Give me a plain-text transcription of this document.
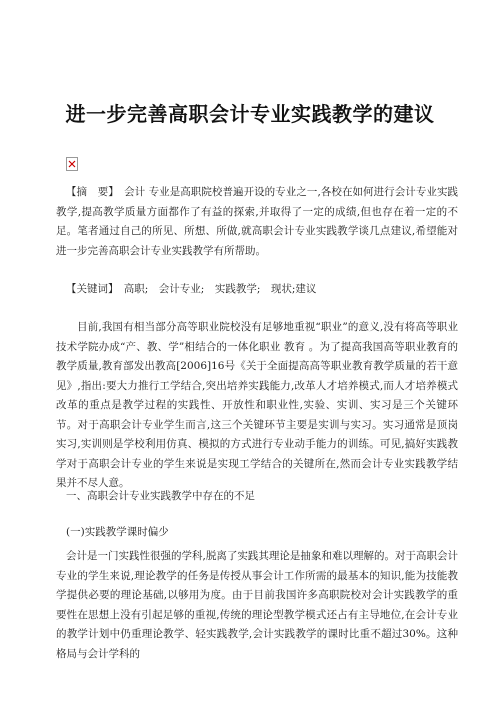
进一步完善高职会计专业实践教学的建议
【摘　要】　会计 专业是高职院校普遍开设的专业之一,各校在如何进行会计专业实践教学,提高教学质量方面都作了有益的探索,并取得了一定的成绩,但也存在着一定的不足。笔者通过自己的所见、所想、所做,就高职会计专业实践教学谈几点建议,希望能对进一步完善高职会计专业实践教学有所帮助。
【关键词】　 高职;　会计专业;　实践教学;　现状;建议
目前,我国有相当部分高等职业院校没有足够地重视“职业”的意义,没有将高等职业技术学院办成“产、教、学”相结合的一体化职业 教育 。为了提高我国高等职业教育的教学质量,教育部发出教高[2006]16号《关于全面提高高等职业教育教学质量的若干意见》,指出:要大力推行工学结合,突出培养实践能力,改革人才培养模式,而人才培养模式改革的重点是教学过程的实践性、开放性和职业性,实验、实训、实习是三个关键环节。对于高职会计专业学生而言,这三个关键环节主要是实训与实习。实习通常是顶岗实习,实训则是学校利用仿真、模拟的方式进行专业动手能力的训练。可见,搞好实践教学对于高职会计专业的学生来说是实现工学结合的关键所在,然而会计专业实践教学结果并不尽人意。
一、高职会计专业实践教学中存在的不足
(一)实践教学课时偏少
会计是一门实践性很强的学科,脱离了实践其理论是抽象和难以理解的。对于高职会计专业的学生来说,理论教学的任务是传授从事会计工作所需的最基本的知识,能为技能教学提供必要的理论基础,以够用为度。由于目前我国许多高职院校对会计实践教学的重要性在思想上没有引起足够的重视,传统的理论型教学模式还占有主导地位,在会计专业的教学计划中仍重理论教学、轻实践教学,会计实践教学的课时比重不超过30%。这种格局与会计学科的
